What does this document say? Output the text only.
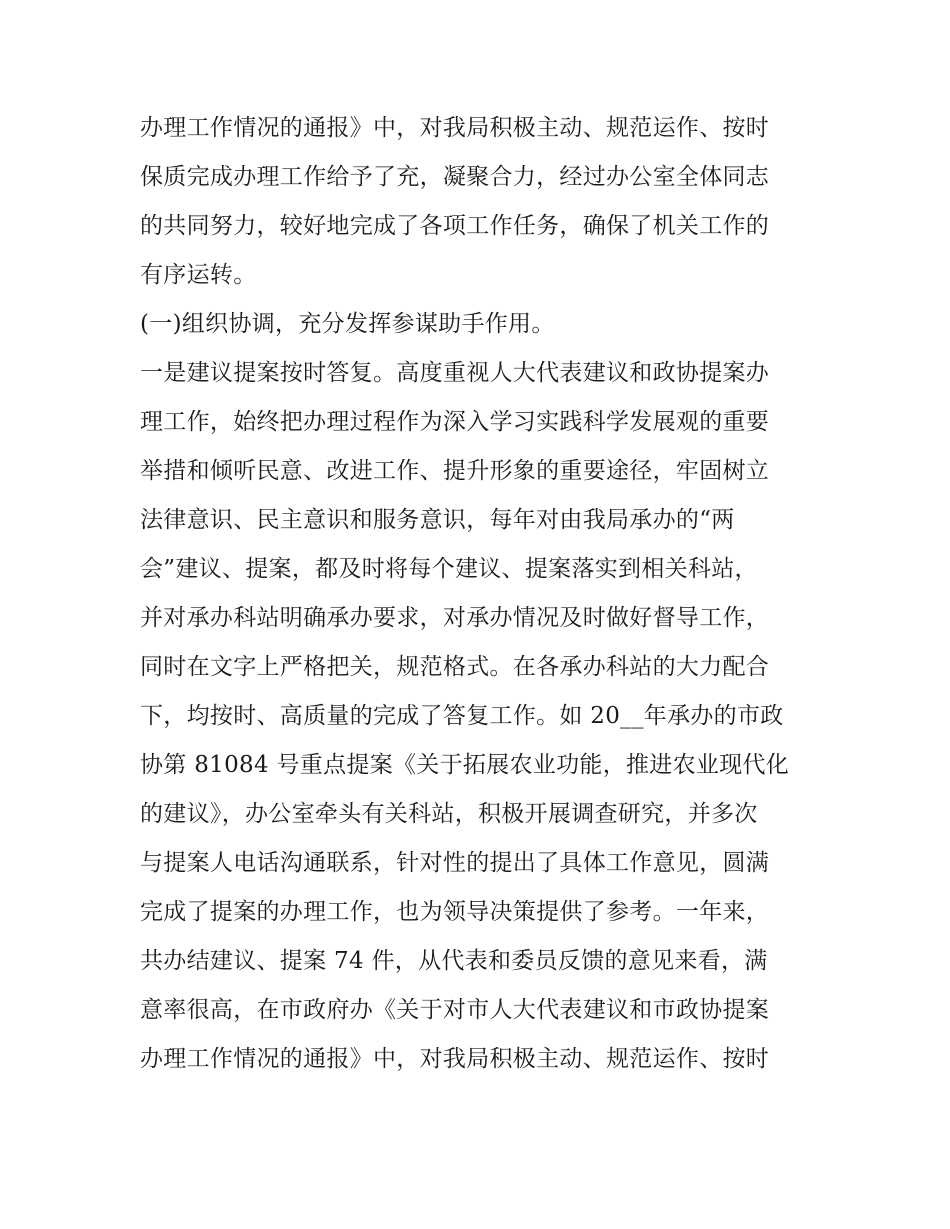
办理工作情况的通报》中，对我局积极主动、规范运作、按时
保质完成办理工作给予了充，凝聚合力，经过办公室全体同志
的共同努力，较好地完成了各项工作任务，确保了机关工作的
有序运转。
(一)组织协调，充分发挥参谋助手作用。
一是建议提案按时答复。高度重视人大代表建议和政协提案办
理工作，始终把办理过程作为深入学习实践科学发展观的重要
举措和倾听民意、改进工作、提升形象的重要途径，牢固树立
法律意识、民主意识和服务意识，每年对由我局承办的“两
会”建议、提案，都及时将每个建议、提案落实到相关科站，
并对承办科站明确承办要求，对承办情况及时做好督导工作，
同时在文字上严格把关，规范格式。在各承办科站的大力配合
下，均按时、高质量的完成了答复工作。如 20__年承办的市政
协第 81084 号重点提案《关于拓展农业功能，推进农业现代化
的建议》，办公室牵头有关科站，积极开展调查研究，并多次
与提案人电话沟通联系，针对性的提出了具体工作意见，圆满
完成了提案的办理工作，也为领导决策提供了参考。一年来，
共办结建议、提案 74 件，从代表和委员反馈的意见来看，满
意率很高，在市政府办《关于对市人大代表建议和市政协提案
办理工作情况的通报》中，对我局积极主动、规范运作、按时
